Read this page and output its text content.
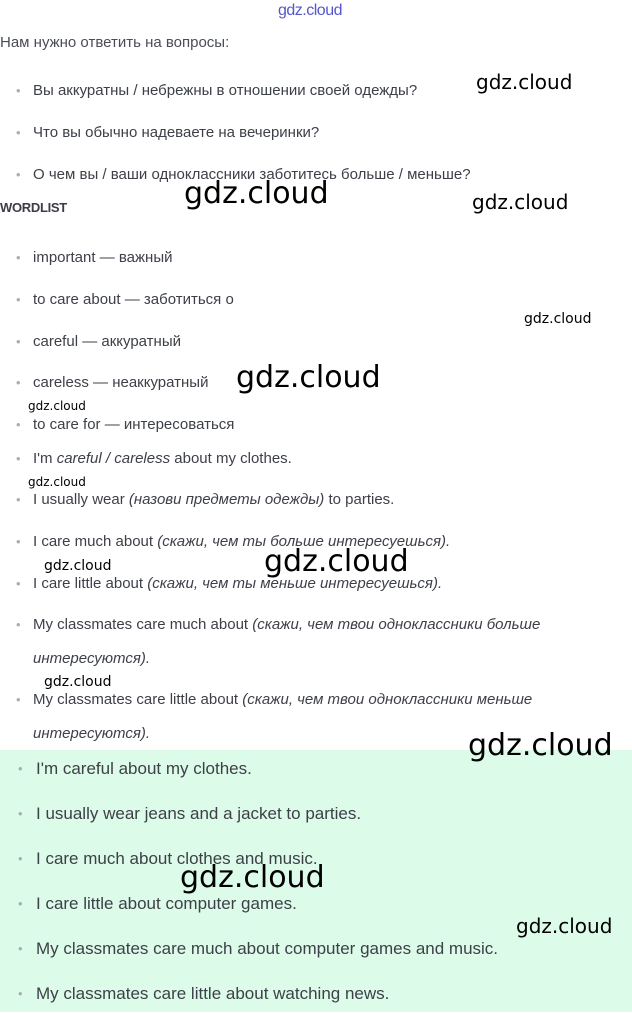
gdz.cloud
Нам нужно ответить на вопросы:
• Вы аккуратны / небрежны в отношении своей одежды?
• Что вы обычно надеваете на вечеринки?
• О чем вы / ваши одноклассники заботитесь больше / меньше?
WORDLIST
• important — важный
• to care about — заботиться о
• careful — аккуратный
• careless — неаккуратный
• to care for — интересоваться
• I'm careful / careless about my clothes.
• I usually wear (назови предметы одежды) to parties.
• I care much about (скажи, чем ты больше интересуешься).
• I care little about (скажи, чем ты меньше интересуешься).
• My classmates care much about (скажи, чем твои одноклассники больше интересуются).
• My classmates care little about (скажи, чем твои одноклассники меньше интересуются).
• I'm careful about my clothes.
• I usually wear jeans and a jacket to parties.
• I care much about clothes and music.
• I care little about computer games.
• My classmates care much about computer games and music.
• My classmates care little about watching news.
gdz.cloud
gdz.cloud	gdz.cloud
gdz.cloud
gdz.cloud
gdz.cloud
gdz.cloud
gdz.cloud
gdz.cloud
gdz.cloud
gdz.cloud
gdz.cloud
gdz.cloud
